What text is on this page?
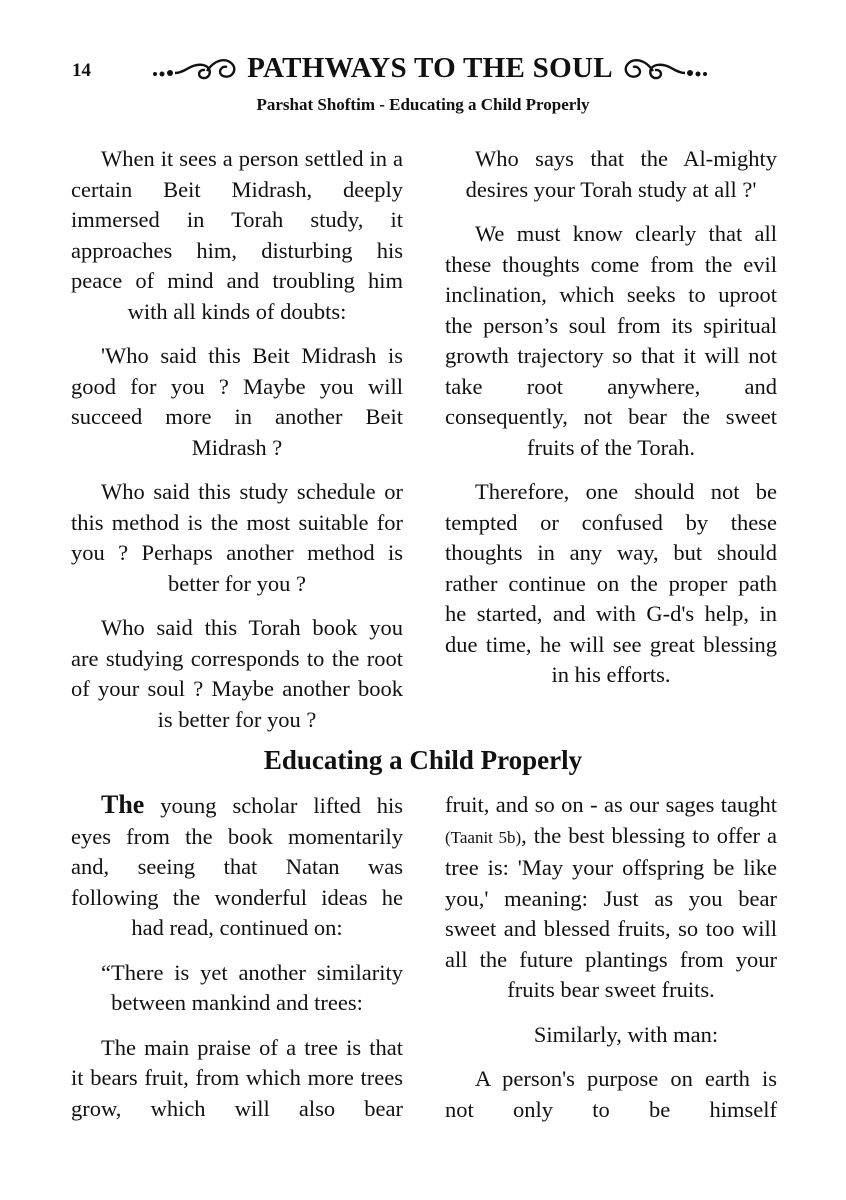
14	PATHWAYS TO THE SOUL
Parshat Shoftim - Educating a Child Properly

When it sees a person settled in a certain Beit Midrash, deeply immersed in Torah study, it approaches him, disturbing his peace of mind and troubling him with all kinds of doubts:

'Who said this Beit Midrash is good for you ? Maybe you will succeed more in another Beit Midrash ?

Who said this study schedule or this method is the most suitable for you ? Perhaps another method is better for you ?

Who said this Torah book you are studying corresponds to the root of your soul ? Maybe another book is better for you ?

Who says that the Al-mighty desires your Torah study at all ?'

We must know clearly that all these thoughts come from the evil inclination, which seeks to uproot the person’s soul from its spiritual growth trajectory so that it will not take root anywhere, and consequently, not bear the sweet fruits of the Torah.

Therefore, one should not be tempted or confused by these thoughts in any way, but should rather continue on the proper path he started, and with G-d's help, in due time, he will see great blessing in his efforts.

Educating a Child Properly

The young scholar lifted his eyes from the book momentarily and, seeing that Natan was following the wonderful ideas he had read, continued on:

“There is yet another similarity between mankind and trees:

The main praise of a tree is that it bears fruit, from which more trees grow, which will also bear

fruit, and so on - as our sages taught (Taanit 5b), the best blessing to offer a tree is: 'May your offspring be like you,' meaning: Just as you bear sweet and blessed fruits, so too will all the future plantings from your fruits bear sweet fruits.

Similarly, with man:

A person's purpose on earth is not only to be himself
